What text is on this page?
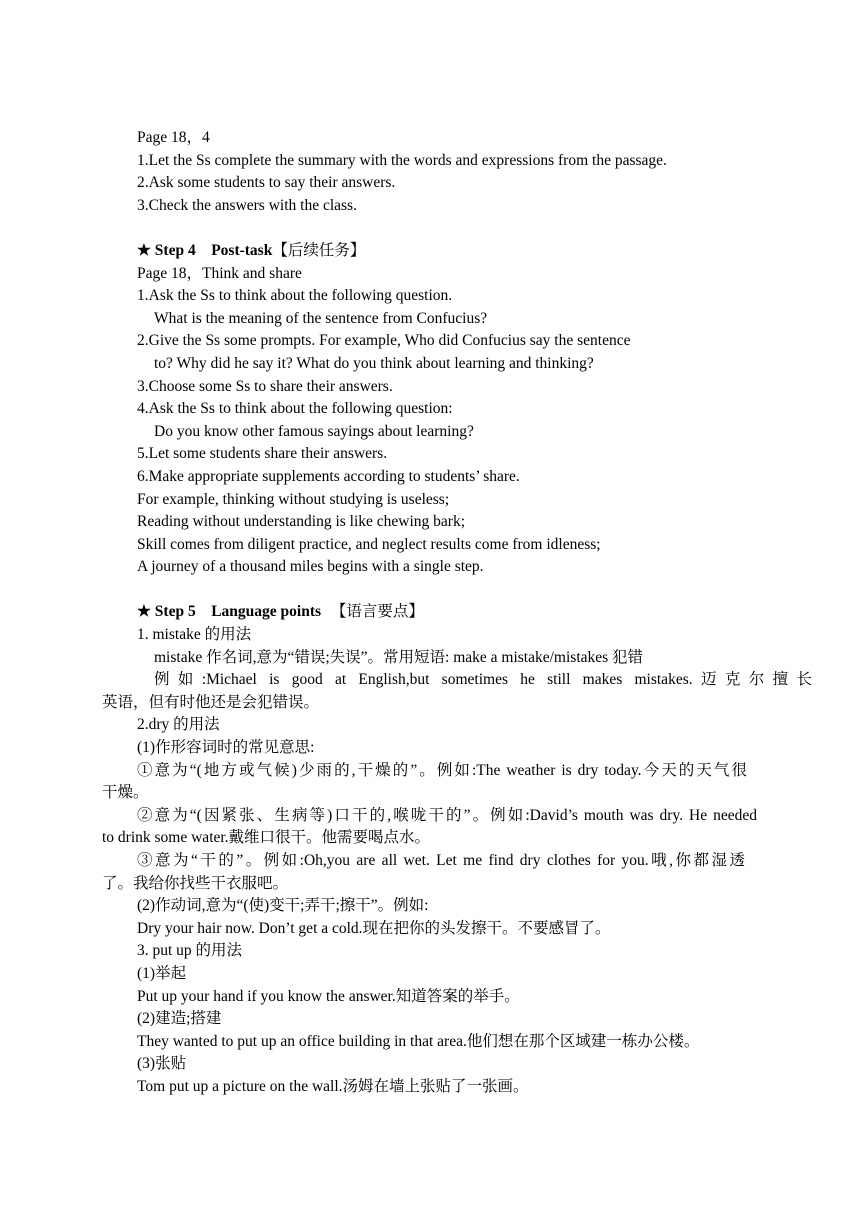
Page 18，4
1.Let the Ss complete the summary with the words and expressions from the passage.
2.Ask some students to say their answers.
3.Check the answers with the class.
★ Step 4    Post-task【后续任务】
Page 18，Think and share
1.Ask the Ss to think about the following question.
What is the meaning of the sentence from Confucius?
2.Give the Ss some prompts. For example, Who did Confucius say the sentence
to? Why did he say it? What do you think about learning and thinking?
3.Choose some Ss to share their answers.
4.Ask the Ss to think about the following question:
Do you know other famous sayings about learning?
5.Let some students share their answers.
6.Make appropriate supplements according to students’ share.
For example, thinking without studying is useless;
Reading without understanding is like chewing bark;
Skill comes from diligent practice, and neglect results come from idleness;
A journey of a thousand miles begins with a single step.
★ Step 5    Language points 【语言要点】
1. mistake 的用法
mistake 作名词,意为“错误;失误”。常用短语: make a mistake/mistakes 犯错
例如:Michael is good at English,but sometimes he still makes mistakes.迈克尔擅长
英语，但有时他还是会犯错误。
2.dry 的用法
(1)作形容词时的常见意思:
①意为“(地方或气候)少雨的,干燥的”。例如:The weather is dry today.今天的天气很
干燥。
②意为“(因紧张、生病等)口干的,喉咙干的”。例如:David’s mouth was dry. He needed
to drink some water.戴维口很干。他需要喝点水。
③意为“干的”。例如:Oh,you are all wet. Let me find dry clothes for you.哦,你都湿透
了。我给你找些干衣服吧。
(2)作动词,意为“(使)变干;弄干;擦干”。例如:
Dry your hair now. Don’t get a cold.现在把你的头发擦干。不要感冒了。
3. put up 的用法
(1)举起
Put up your hand if you know the answer.知道答案的举手。
(2)建造;搭建
They wanted to put up an office building in that area.他们想在那个区域建一栋办公楼。
(3)张贴
Tom put up a picture on the wall.汤姆在墙上张贴了一张画。
